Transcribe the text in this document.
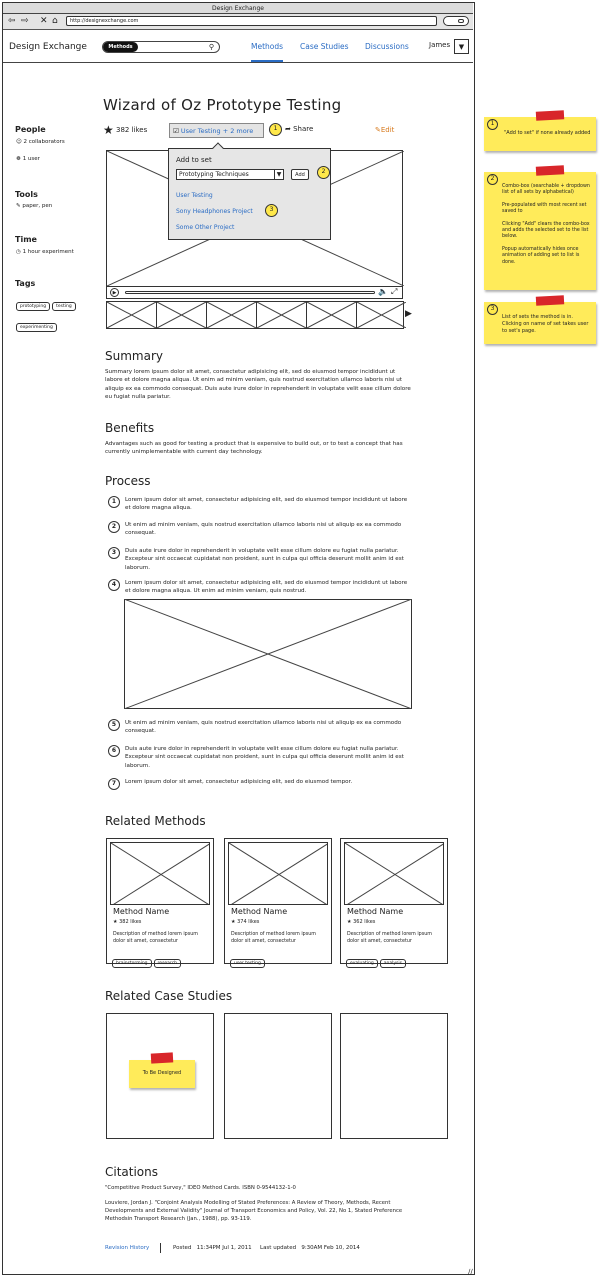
Design Exchange
⇦ ⇨ ✕ ⌂	http://designexchange.com
Design Exchange	Methods	⚲	Methods Case Studies Discussions	James	▼
Wizard of Oz Prototype Testing
People
☺ 2 collaborators
☸ 1 user
Tools
✎ paper, pen
Time
◷ 1 hour experiment
Tags
prototyping testingexperimenting
★ 382 likes	☑ User Testing + 2 more	➦ Share	✎Edit
1
▶	🔈 ⤢
▶
Add to set
User Testing
Sony Headphones Project
Some Other Project
Prototyping Techniques	▼	Add	2
3
Summary
Summary lorem ipsum dolor sit amet, consectetur adipisicing elit, sed do eiusmod tempor incididunt ut labore et dolore magna aliqua. Ut enim ad minim veniam, quis nostrud exercitation ullamco laboris nisi ut aliquip ex ea commodo consequat. Duis aute irure dolor in reprehenderit in voluptate velit esse cillum dolore eu fugiat nulla pariatur.
Benefits
Advantages such as good for testing a product that is expensive to build out, or to test a concept that has currently unimplementable with current day technology.
Process
1	Lorem ipsum dolor sit amet, consectetur adipisicing elit, sed do eiusmod tempor incididunt ut labore et dolore magna aliqua.
2	Ut enim ad minim veniam, quis nostrud exercitation ullamco laboris nisi ut aliquip ex ea commodo consequat.
3	Duis aute irure dolor in reprehenderit in voluptate velit esse cillum dolore eu fugiat nulla pariatur. Excepteur sint occaecat cupidatat non proident, sunt in culpa qui officia deserunt mollit anim id est laborum.
4	Lorem ipsum dolor sit amet, consectetur adipisicing elit, sed do eiusmod tempor incididunt ut labore et dolore magna aliqua. Ut enim ad minim veniam, quis nostrud.
5	Ut enim ad minim veniam, quis nostrud exercitation ullamco laboris nisi ut aliquip ex ea commodo consequat.
6	Duis aute irure dolor in reprehenderit in voluptate velit esse cillum dolore eu fugiat nulla pariatur. Excepteur sint occaecat cupidatat non proident, sunt in culpa qui officia deserunt mollit anim id est laborum.
7	Lorem ipsum dolor sit amet, consectetur adipisicing elit, sed do eiusmod tempor.
Related Methods
Method Name
★ 382 likes
Description of method lorem ipsum dolor sit amet, consectetur
brainstorming research
Method Name
★ 374 likes
Description of method lorem ipsum dolor sit amet, consectetur
user testing
Method Name
★ 362 likes
Description of method lorem ipsum dolor sit amet, consectetur
evaluating analysis
Related Case Studies
To Be Designed
Citations
"Competitive Product Survey," IDEO Method Cards. ISBN 0-9544132-1-0
Louviere, Jordan J. "Conjoint Analysis Modelling of Stated Preferences: A Review of Theory, Methods, Recent Developments and External Validity" Journal of Transport Economics and Policy, Vol. 22, No 1, Stated Preference Methodsin Transport Research (Jan., 1988), pp. 93-119.
Revision History	Posted   11:34PM Jul 1, 2011 Last updated   9:30AM Feb 10, 2014
∕∕
1
"Add to set" if none already added
2
Combo-box (searchable + dropdown list of all sets by alphabetical)

Pre-populated with most recent set saved to

Clicking "Add" clears the combo-box and adds the selected set to the list below.

Popup automatically hides once animation of adding set to list is done.
3
List of sets the method is in. Clicking on name of set takes user to set's page.
